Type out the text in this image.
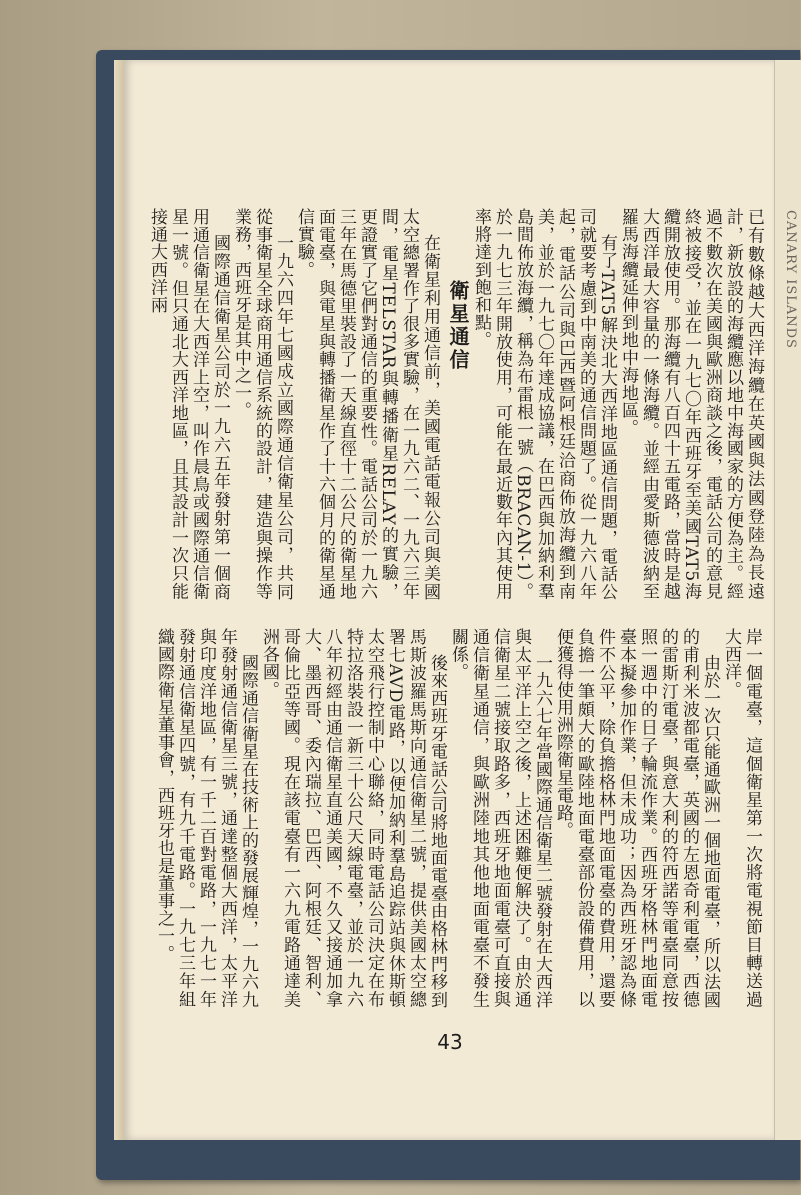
CANARY ISLANDS

已有數條越大西洋海纜在英國與法國登陸為長遠計，新放設的海纜應以地中海國家的方便為主。經過不數次在美國與歐洲商談之後，電話公司的意見終被接受，並在一九七〇年西班牙至美國TAT5海纜開放使用。那海纜有八百四十五電路，當時是越大西洋最大容量的一條海纜。並經由愛斯德波納至羅馬海纜延伸到地中海地區。

有了TAT5解決北大西洋地區通信問題，電話公司就要考慮到中南美的通信問題了。從一九六八年起，電話公司與巴西暨阿根廷洽商佈放海纜到南美，並於一九七〇年達成協議，在巴西與加納利羣島間佈放海纜，稱為布雷根一號（BRACAN-1）。於一九七三年開放使用，可能在最近數年內其使用率將達到飽和點。

衛星通信

在衛星利用通信前，美國電話電報公司與美國太空總署作了很多實驗，在一九六二、一九六三年間，電星TELSTAR與轉播衛星RELAY的實驗，更證實了它們對通信的重要性。電話公司於一九六三年在馬德里裝設了一天線直徑十二公尺的衛星地面電臺，與電星與轉播衛星作了十六個月的衛星通信實驗。

一九六四年七國成立國際通信衛星公司，共同從事衛星全球商用通信系統的設計，建造與操作等業務，西班牙是其中之一。

國際通信衛星公司於一九六五年發射第一個商用通信衛星在大西洋上空，叫作晨鳥或國際通信衛星一號。但只通北大西洋地區，且其設計一次只能接通大西洋兩

岸一個電臺，這個衛星第一次將電視節目轉送過大西洋。

由於一次只能通歐洲一個地面電臺，所以法國的甫利米波都電臺，英國的左恩奇利電臺，西德的雷斯汀電臺，與意大利的符西諾等電臺同意按照一週中的日子輪流作業。西班牙格林門地面電臺本擬參加作業，但未成功；因為西班牙認為條件不公平，除負擔格林門地面電臺的費用，還要負擔一筆頗大的歐陸地面電臺部份設備費用，以便獲得使用洲際衛星電路。

一九六七年當國際通信衛星二號發射在大西洋與太平洋上空之後，上述困難便解決了。由於通信衛星二號接取路多，西班牙地面電臺可直接與通信衛星通信，與歐洲陸地其他地面電臺不發生關係。

後來西班牙電話公司將地面電臺由格林門移到馬斯波羅馬斯向通信衛星二號，提供美國太空總署七AVD電路，以便加納利羣島追踪站與休斯頓太空飛行控制中心聯絡，同時電話公司決定在布特拉洛裝設一新三十公尺天線電臺，並於一九六八年初經由通信衛星直通美國，不久又接通加拿大、墨西哥、委內瑞拉、巴西、阿根廷、智利、哥倫比亞等國。現在該電臺有一六九電路通達美洲各國。

國際通信衛星在技術上的發展輝煌，一九六九年發射通信衛星三號，通達整個大西洋，太平洋與印度洋地區，有一千二百對電路，一九七一年發射通信衛星四號，有九千電路。一九七三年組織國際衛星董事會，西班牙也是董事之一。

43
